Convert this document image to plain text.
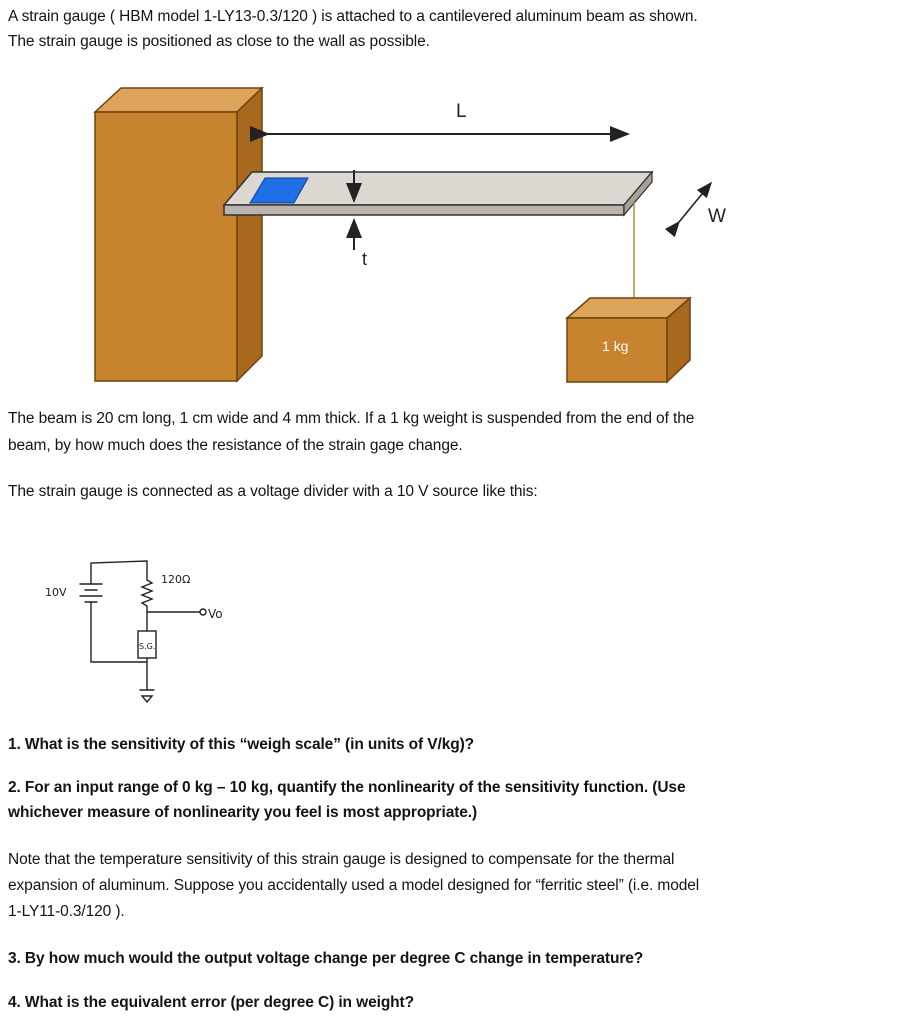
A strain gauge ( HBM model 1-LY13-0.3/120 ) is attached to a cantilevered aluminum beam as shown.

The strain gauge is positioned as close to the wall as possible.

L
t
W
1 kg

The beam is 20 cm long, 1 cm wide and 4 mm thick. If a 1 kg weight is suspended from the end of the

beam, by how much does the resistance of the strain gage change.

The strain gauge is connected as a voltage divider with a 10 V source like this:

10V
120Ω
Vo
S.G.

1. What is the sensitivity of this “weigh scale” (in units of V/kg)?

2. For an input range of 0 kg – 10 kg, quantify the nonlinearity of the sensitivity function. (Use

whichever measure of nonlinearity you feel is most appropriate.)

Note that the temperature sensitivity of this strain gauge is designed to compensate for the thermal

expansion of aluminum. Suppose you accidentally used a model designed for “ferritic steel” (i.e. model

1-LY11-0.3/120 ).

3. By how much would the output voltage change per degree C change in temperature?

4. What is the equivalent error (per degree C) in weight?
